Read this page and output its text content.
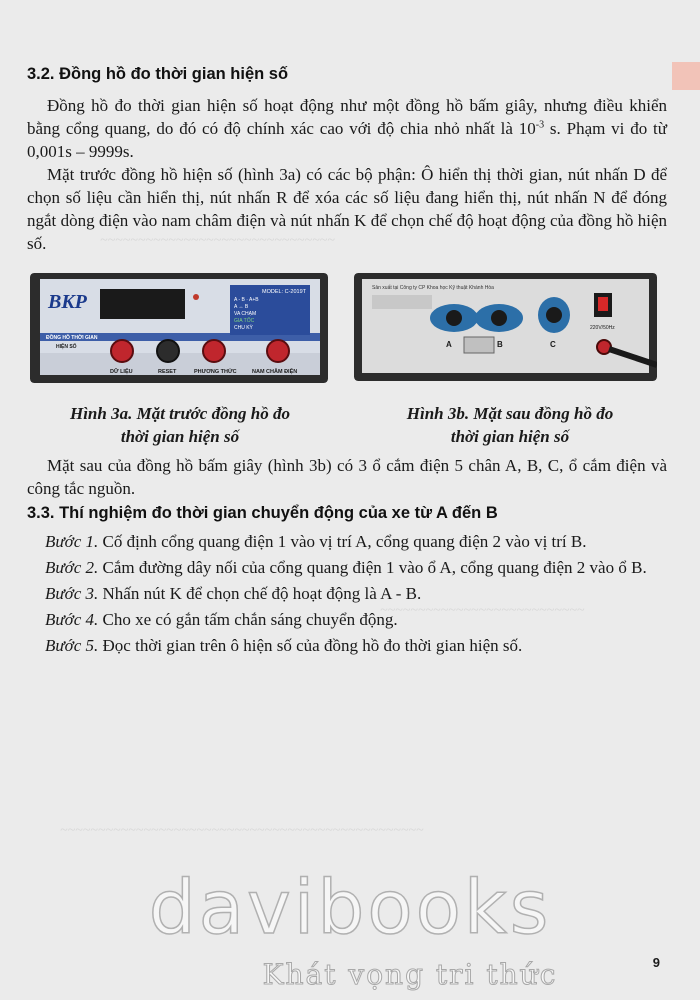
~~~~~~~~~~~~~~~~~~~~~~~~~~~~~~~
~~~~~~~~~~~~~~~~~~~~~~~~~~~
~~~~~~~~~~~~~~~~~~~~~~~~~~~~~~~~~~~~~~~~~~~~~~~~
3.2. Đồng hồ đo thời gian hiện số

Đồng hồ đo thời gian hiện số hoạt động như một đồng hồ bấm giây, nhưng điều khiển bằng cổng quang, do đó có độ chính xác cao với độ chia nhỏ nhất là $10^{-3}$ s. Phạm vi đo từ 0,001s – 9999s.

Mặt trước đồng hồ hiện số (hình 3a) có các bộ phận: Ô hiển thị thời gian, nút nhấn D để chọn số liệu cần hiển thị, nút nhấn R để xóa các số liệu đang hiển thị, nút nhấn N để đóng ngắt dòng điện vào nam châm điện và nút nhấn K để chọn chế độ hoạt động của đồng hồ hiện số.

BKP	MODEL: C-2019T
A - B · A+B
A ↔ B
VA CHẠM
GIA TỐC
CHU KỲ
ĐỒNG HỒ THỜI GIAN
HIỆN SỐ
DỮ LIỆU	RESET	PHƯƠNG THỨC	NAM CHÂM ĐIỆN
Sản xuất tại Công ty CP Khoa học Kỹ thuật Khánh Hòa
A	B	C
220V/50Hz
Hình 3a. Mặt trước đồng hồ đo
thời gian hiện số
Hình 3b. Mặt sau đồng hồ đo
thời gian hiện số

Mặt sau của đồng hồ bấm giây (hình 3b) có 3 ổ cắm điện 5 chân A, B, C, ổ cắm điện và công tắc nguồn.

3.3. Thí nghiệm đo thời gian chuyển động của xe từ A đến B

Bước 1. Cố định cổng quang điện 1 vào vị trí A, cổng quang điện 2 vào vị trí B.

Bước 2. Cắm đường dây nối của cổng quang điện 1 vào ổ A, cổng quang điện 2 vào ổ B.

Bước 3. Nhấn nút K để chọn chế độ hoạt động là A - B.

Bước 4. Cho xe có gắn tấm chắn sáng chuyển động.

Bước 5. Đọc thời gian trên ô hiện số của đồng hồ đo thời gian hiện số.

davibooks
Khát vọng tri thức	9
